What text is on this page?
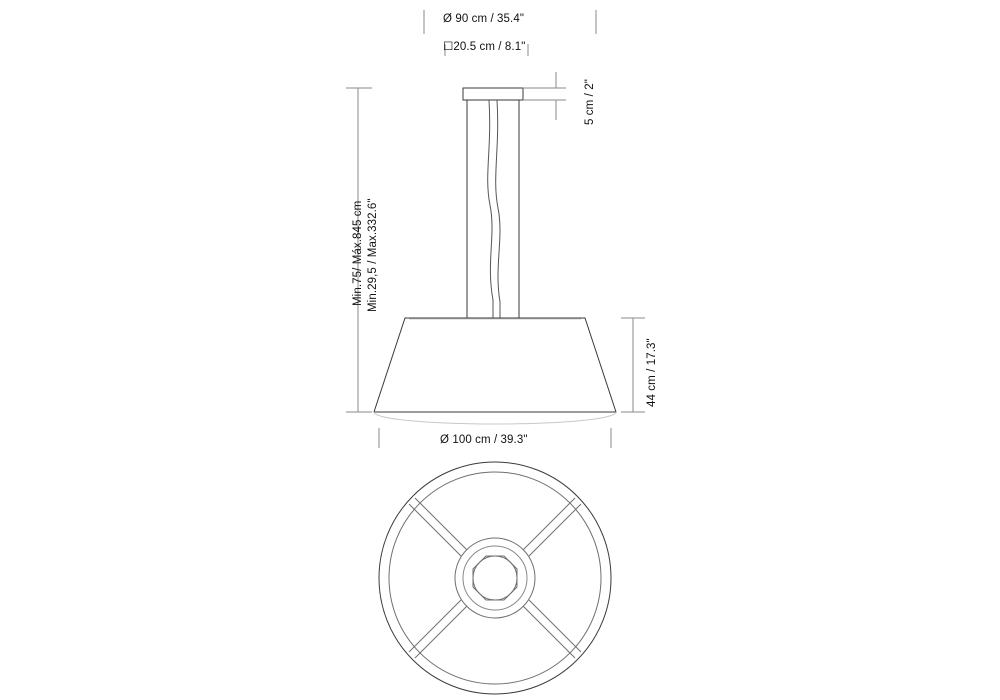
Ø 90 cm / 35.4"
☐20.5 cm / 8.1"
5 cm / 2"
Min.75/ Máx.845 cm Min.29,5 / Max.332.6"
44 cm / 17.3"
Ø 100 cm / 39.3"
